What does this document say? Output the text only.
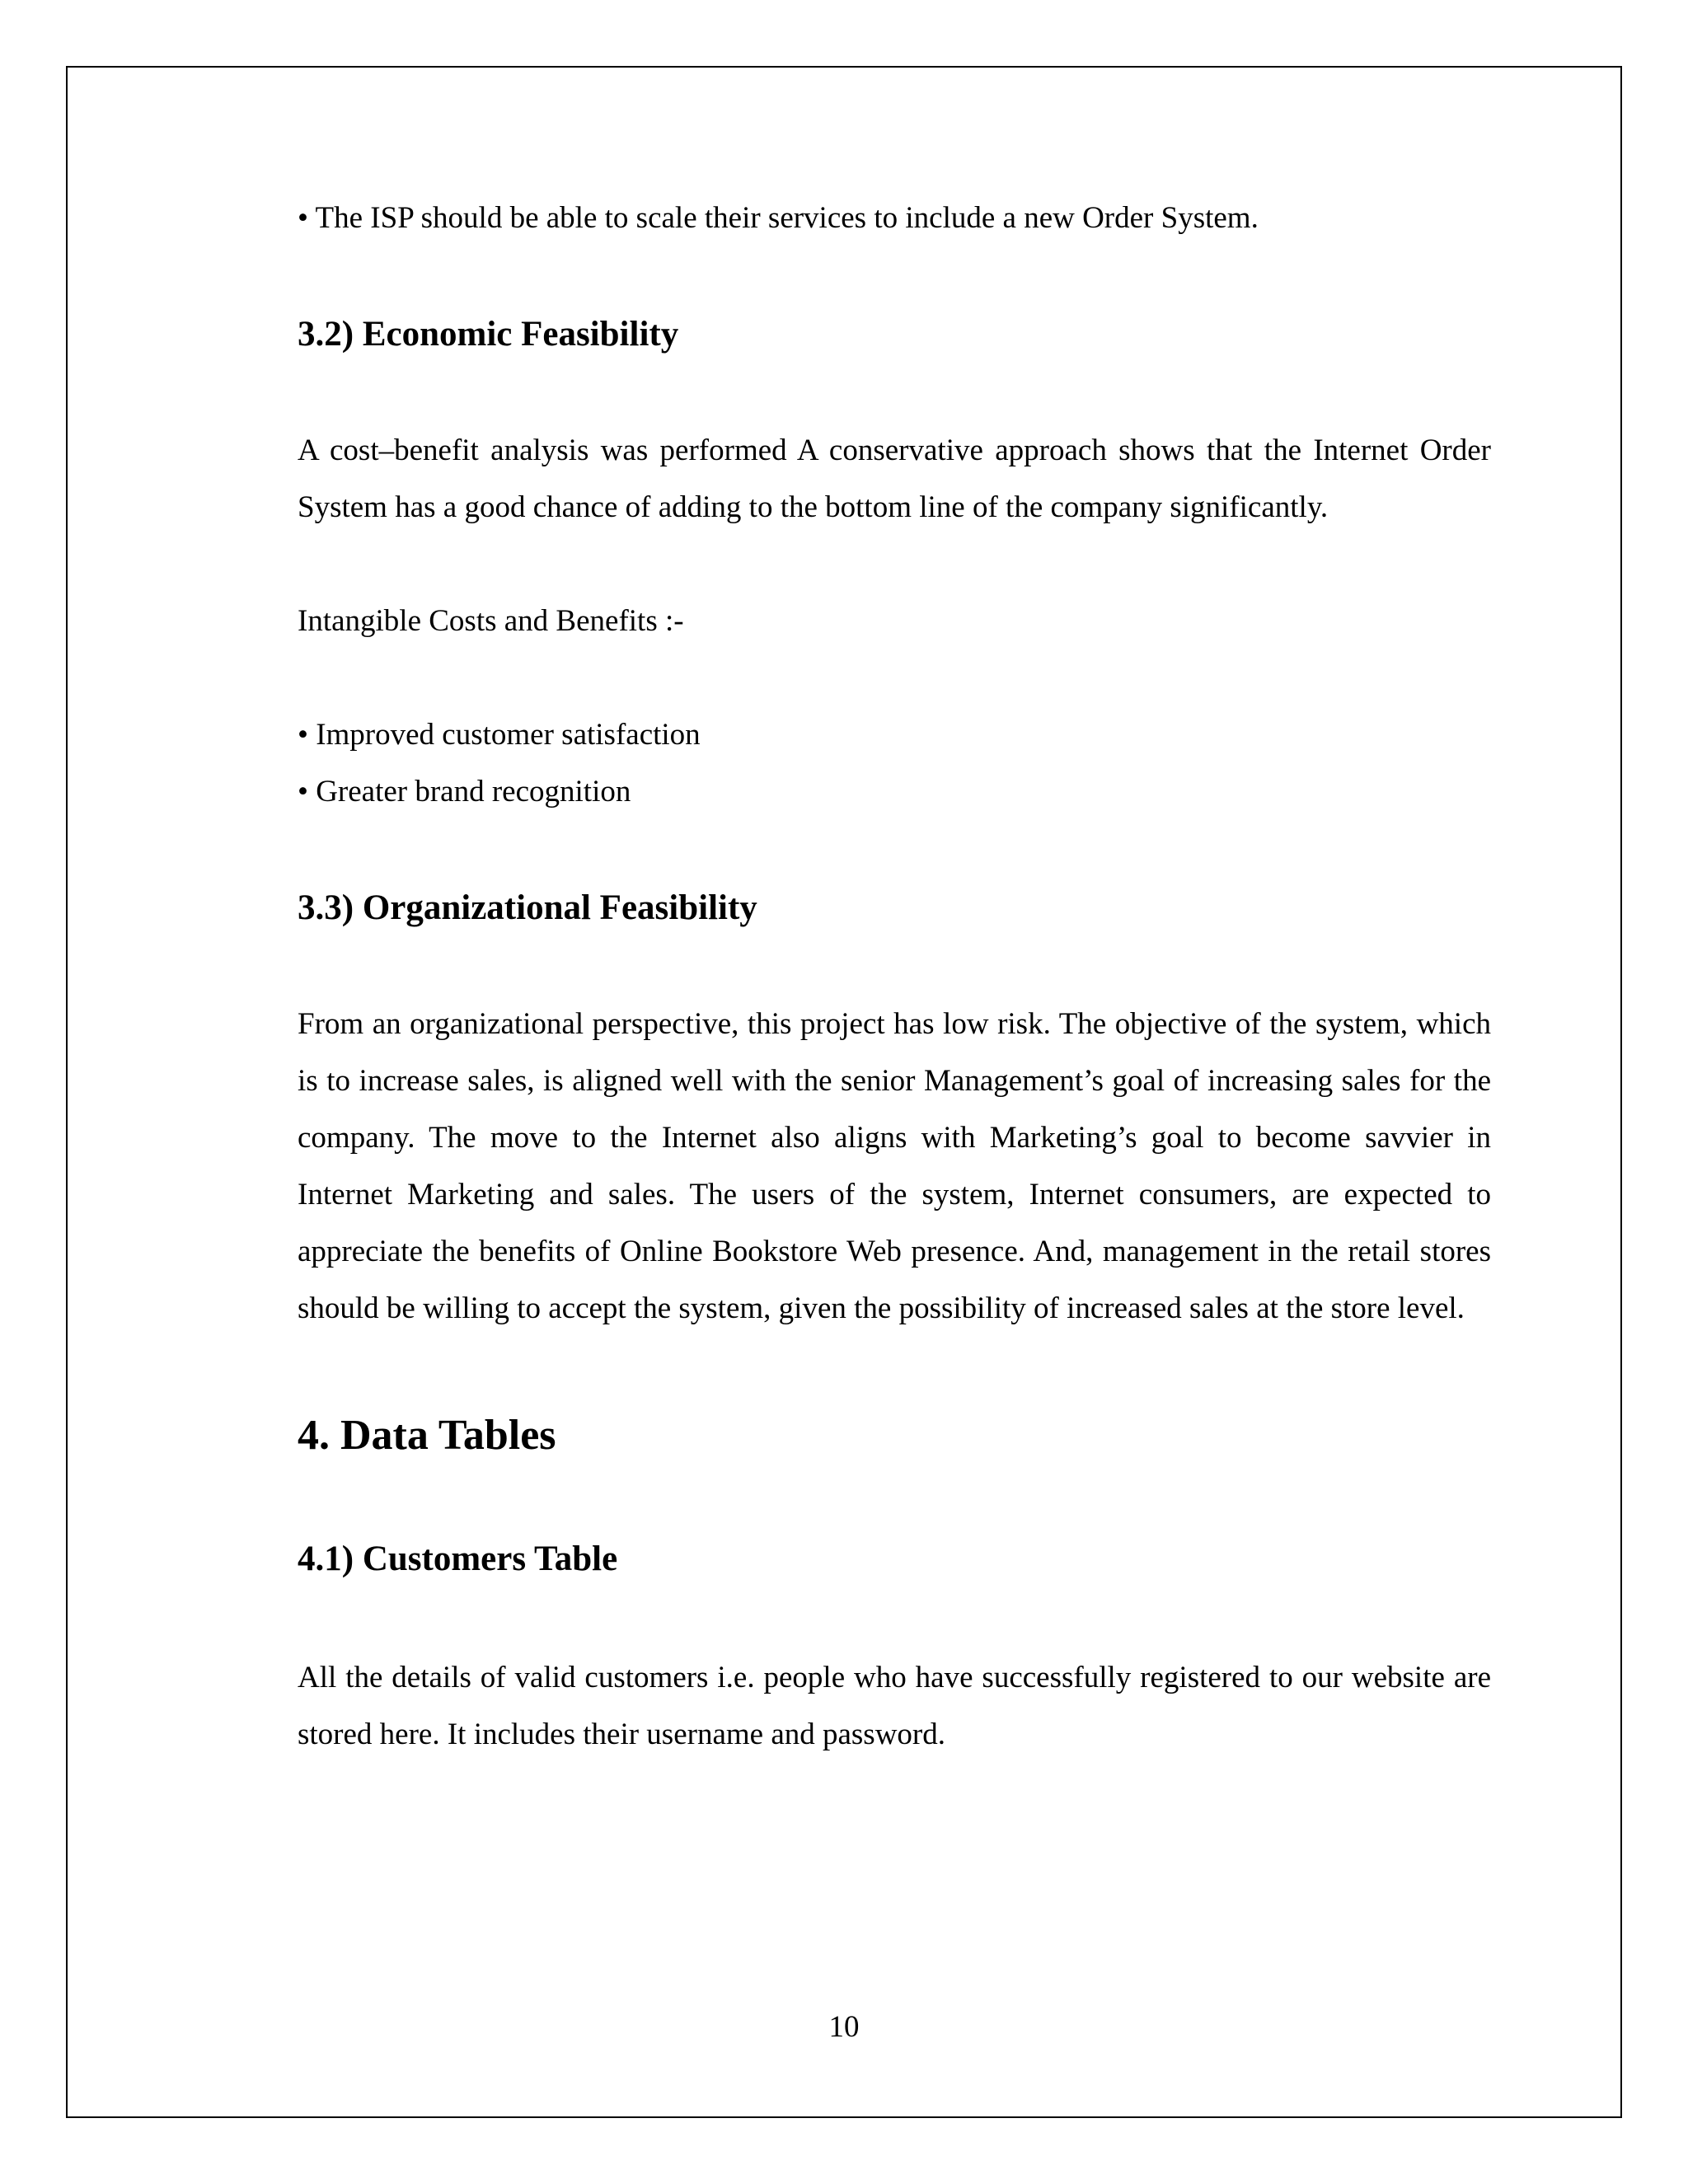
• The ISP should be able to scale their services to include a new Order System.

3.2) Economic Feasibility

A cost–benefit analysis was performed A conservative approach shows that the Internet Order System has a good chance of adding to the bottom line of the company significantly.

Intangible Costs and Benefits :-

• Improved customer satisfaction

• Greater brand recognition

3.3) Organizational Feasibility

From an organizational perspective, this project has low risk. The objective of the system, which is to increase sales, is aligned well with the senior Management’s goal of increasing sales for the company. The move to the Internet also aligns with Marketing’s goal to become savvier in Internet Marketing and sales. The users of the system, Internet consumers, are expected to appreciate the benefits of Online Bookstore Web presence. And, management in the retail stores should be willing to accept the system, given the possibility of increased sales at the store level.

4. Data Tables
4.1) Customers Table

All the details of valid customers i.e. people who have successfully registered to our website are stored here. It includes their username and password.

10
